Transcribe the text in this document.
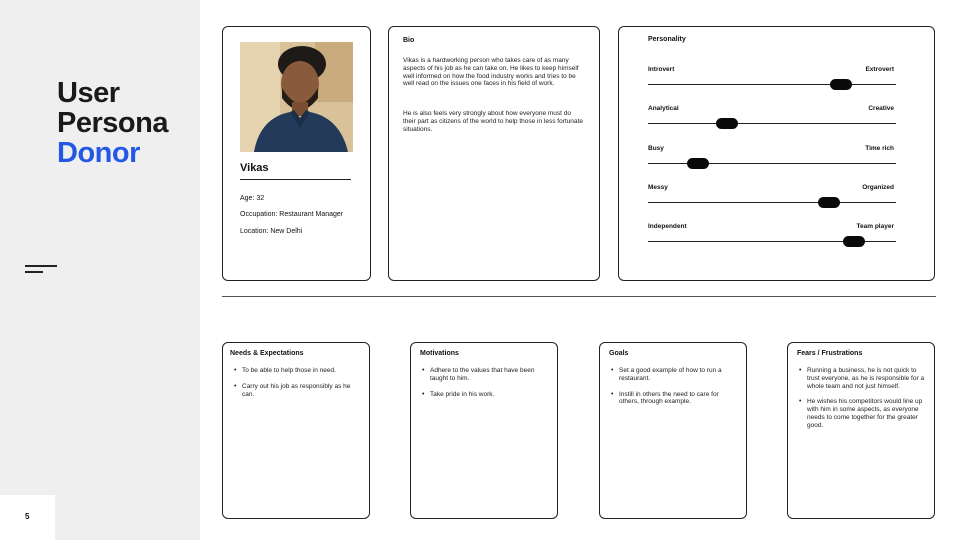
User
Persona
Donor
5
Vikas
Age: 32
Occupation: Restaurant Manager
Location: New Delhi
Bio
Vikas is a hardworking person who takes care of as many aspects of his job as he can take on. He likes to keep himself well informed on how the food industry works and tries to be well read on the issues one faces in his field of work.
He is also feels very strongly about how everyone must do their part as citizens of the world to help those in less fortunate situations.
Personality
Introvert	Extrovert
Analytical	Creative
Busy	Time rich
Messy	Organized
Independent	Team player
Needs & Expectations
• To be able to help those in need.
• Carry out his job as responsibly as he can.
Motivations
• Adhere to the values that have been taught to him.
• Take pride in his work.
Goals
• Set a good example of how to run a restaurant.
• Instill in others the need to care for others, through example.
Fears / Frustrations
• Running a business, he is not quick to trust everyone, as he is responsible for a whole team and not just himself.
• He wishes his competitors would line up with him in some aspects, as everyone needs to come together for the greater good.
